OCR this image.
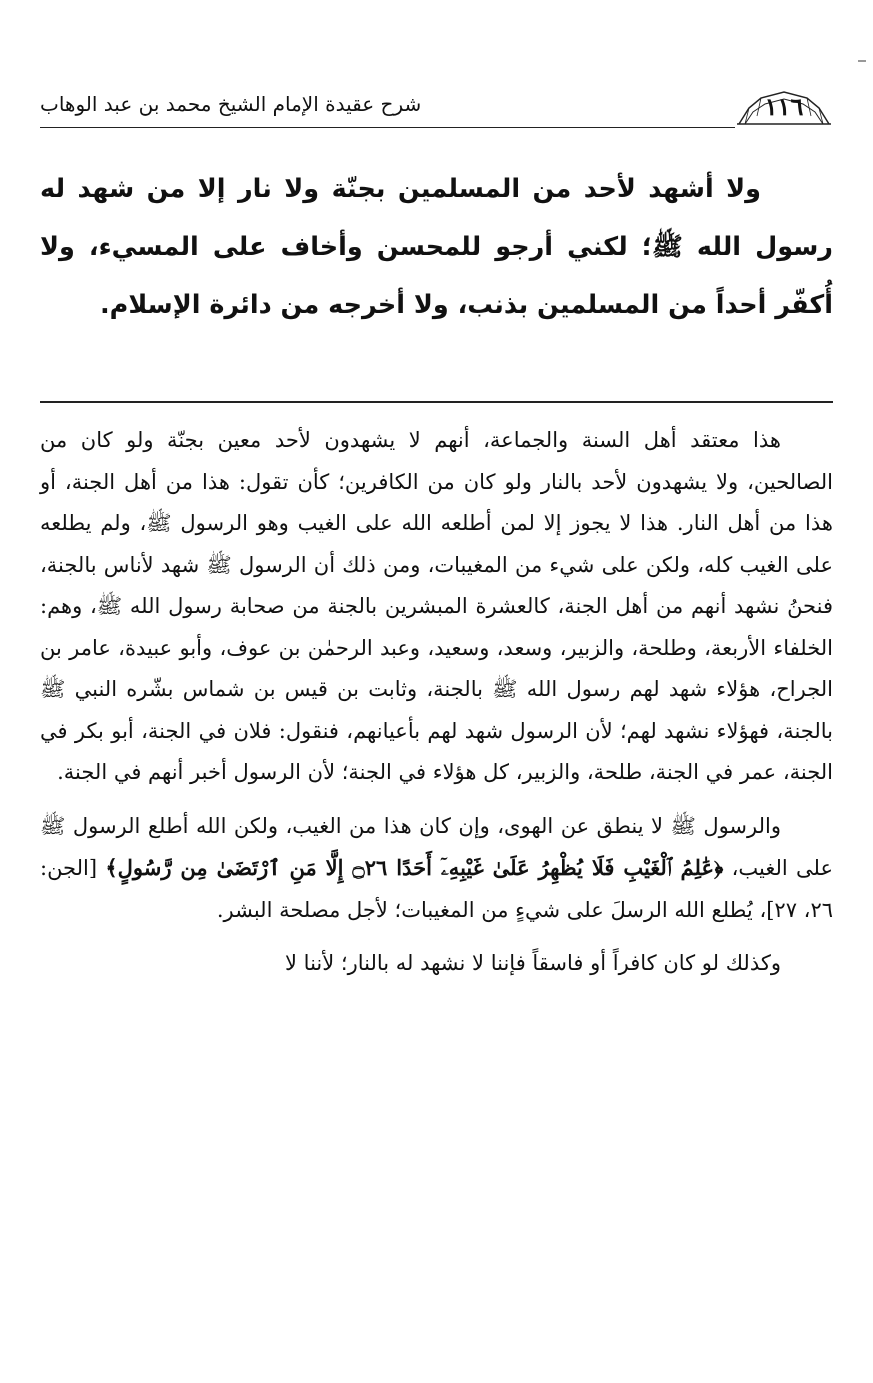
١١٦
شرح عقيدة الإمام الشيخ محمد بن عبد الوهاب

ولا أشهد لأحد من المسلمين بجنّة ولا نار إلا من شهد له رسول الله ﷺ؛ لكني أرجو للمحسن وأخاف على المسيء، ولا أُكفّر أحداً من المسلمين بذنب، ولا أخرجه من دائرة الإسلام.

هذا معتقد أهل السنة والجماعة، أنهم لا يشهدون لأحد معين بجنّة ولو كان من الصالحين، ولا يشهدون لأحد بالنار ولو كان من الكافرين؛ كأن تقول: هذا من أهل الجنة، أو هذا من أهل النار. هذا لا يجوز إلا لمن أطلعه الله على الغيب وهو الرسول ﷺ، ولم يطلعه على الغيب كله، ولكن على شيء من المغيبات، ومن ذلك أن الرسول ﷺ شهد لأناس بالجنة، فنحنُ نشهد أنهم من أهل الجنة، كالعشرة المبشرين بالجنة من صحابة رسول الله ﷺ، وهم: الخلفاء الأربعة، وطلحة، والزبير، وسعد، وسعيد، وعبد الرحمٰن بن عوف، وأبو عبيدة، عامر بن الجراح، هؤلاء شهد لهم رسول الله ﷺ بالجنة، وثابت بن قيس بن شماس بشّره النبي ﷺ بالجنة، فهؤلاء نشهد لهم؛ لأن الرسول شهد لهم بأعيانهم، فنقول: فلان في الجنة، أبو بكر في الجنة، عمر في الجنة، طلحة، والزبير، كل هؤلاء في الجنة؛ لأن الرسول أخبر أنهم في الجنة.

والرسول ﷺ لا ينطق عن الهوى، وإن كان هذا من الغيب، ولكن الله أطلع الرسول ﷺ على الغيب، ﴿عَٰلِمُ ٱلْغَيْبِ فَلَا يُظْهِرُ عَلَىٰ غَيْبِهِۦٓ أَحَدًا ۝٢٦ إِلَّا مَنِ ٱرْتَضَىٰ مِن رَّسُولٍ﴾ [الجن: ٢٦، ٢٧]، يُطلع الله الرسلَ على شيءٍ من المغيبات؛ لأجل مصلحة البشر.

وكذلك لو كان كافراً أو فاسقاً فإننا لا نشهد له بالنار؛ لأننا لا
